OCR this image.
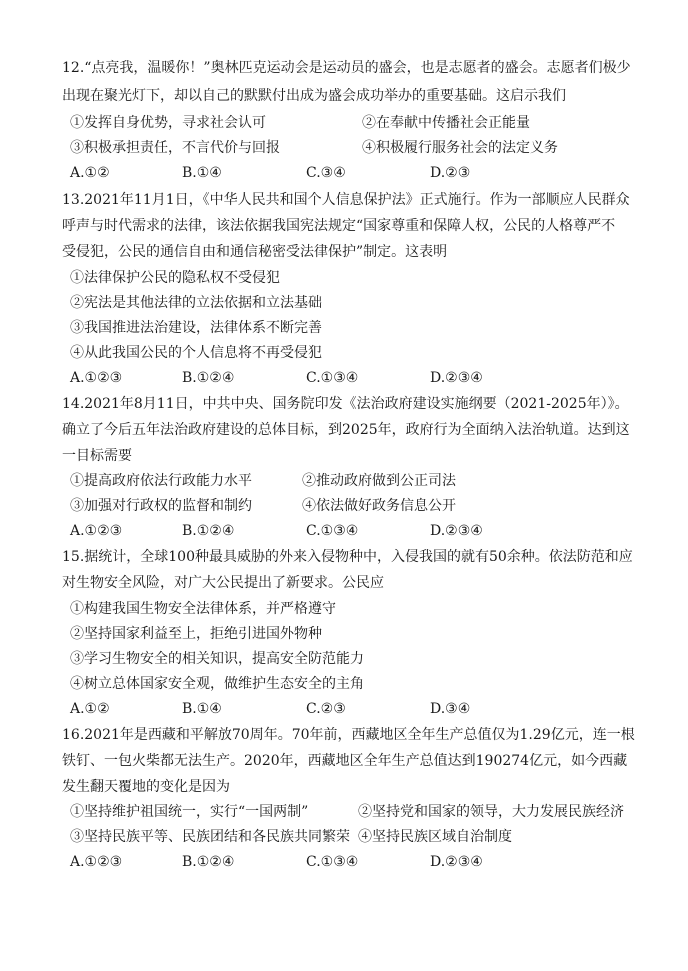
12.“点亮我，温暖你！”奥林匹克运动会是运动员的盛会，也是志愿者的盛会。志愿者们极少
出现在聚光灯下，却以自己的默默付出成为盛会成功举办的重要基础。这启示我们
①发挥自身优势，寻求社会认可	②在奉献中传播社会正能量
③积极承担责任，不言代价与回报	④积极履行服务社会的法定义务
A.①②	B.①④	C.③④	D.②③
13.2021年11月1日，《中华人民共和国个人信息保护法》正式施行。作为一部顺应人民群众
呼声与时代需求的法律，该法依据我国宪法规定“国家尊重和保障人权，公民的人格尊严不
受侵犯，公民的通信自由和通信秘密受法律保护”制定。这表明
①法律保护公民的隐私权不受侵犯
②宪法是其他法律的立法依据和立法基础
③我国推进法治建设，法律体系不断完善
④从此我国公民的个人信息将不再受侵犯
A.①②③	B.①②④	C.①③④	D.②③④
14.2021年8月11日，中共中央、国务院印发《法治政府建设实施纲要（2021-2025年）》。
确立了今后五年法治政府建设的总体目标，到2025年，政府行为全面纳入法治轨道。达到这
一目标需要
①提高政府依法行政能力水平	②推动政府做到公正司法
③加强对行政权的监督和制约	④依法做好政务信息公开
A.①②③	B.①②④	C.①③④	D.②③④
15.据统计，全球100种最具威胁的外来入侵物种中，入侵我国的就有50余种。依法防范和应
对生物安全风险，对广大公民提出了新要求。公民应
①构建我国生物安全法律体系，并严格遵守
②坚持国家利益至上，拒绝引进国外物种
③学习生物安全的相关知识，提高安全防范能力
④树立总体国家安全观，做维护生态安全的主角
A.①②	B.①④	C.②③	D.③④
16.2021年是西藏和平解放70周年。70年前，西藏地区全年生产总值仅为1.29亿元，连一根
铁钉、一包火柴都无法生产。2020年，西藏地区全年生产总值达到190274亿元，如今西藏
发生翻天覆地的变化是因为
①坚持维护祖国统一，实行“一国两制”	②坚持党和国家的领导，大力发展民族经济
③坚持民族平等、民族团结和各民族共同繁荣 ④坚持民族区域自治制度
A.①②③	B.①②④	C.①③④	D.②③④
